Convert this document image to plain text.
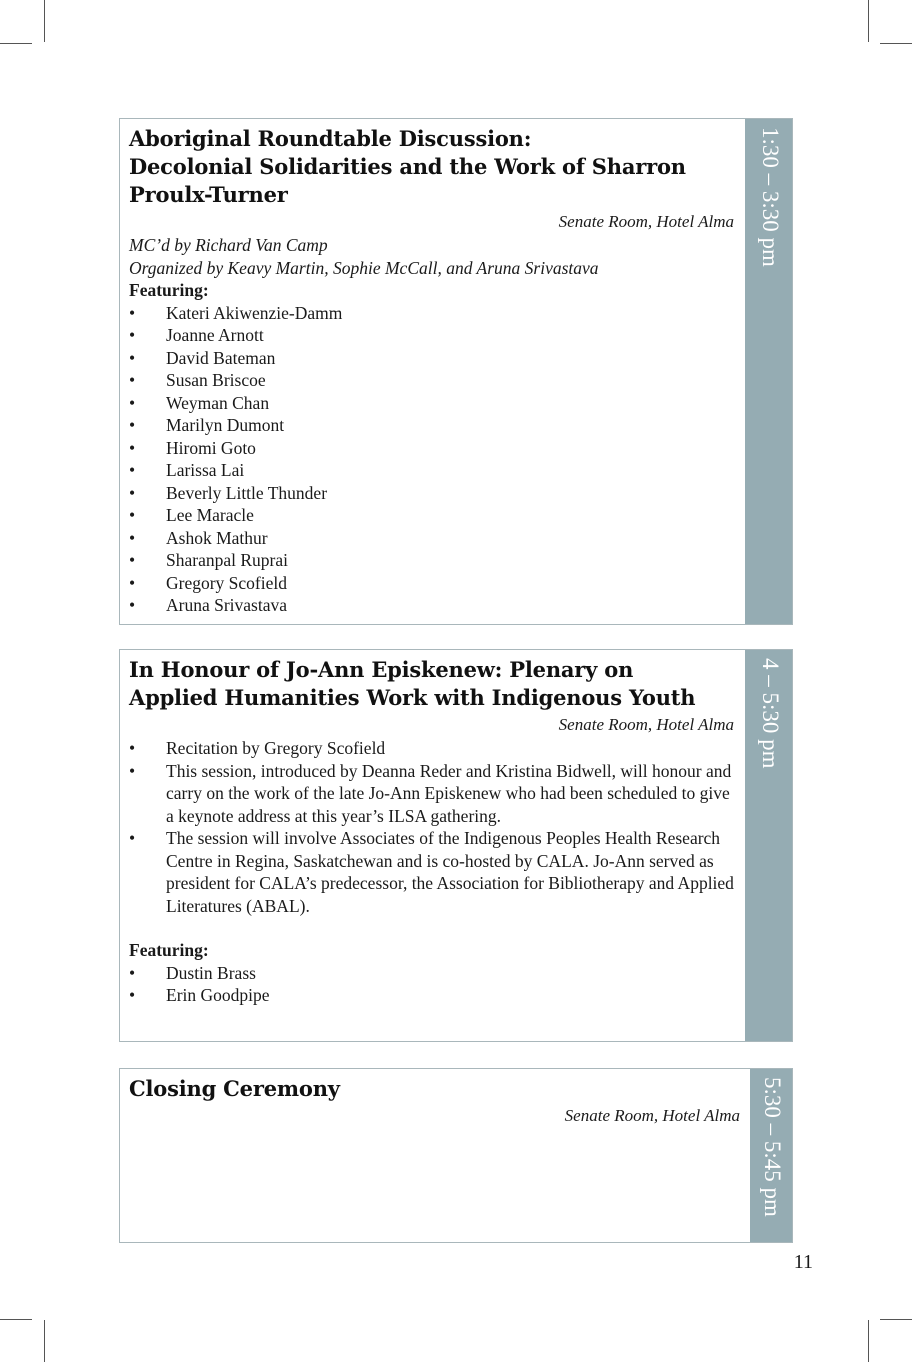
Aboriginal Roundtable Discussion:
Decolonial Solidarities and the Work of Sharron
Proulx-Turner
Senate Room, Hotel Alma
MC’d by Richard Van Camp
Organized by Keavy Martin, Sophie McCall, and Aruna Srivastava
Featuring:
• Kateri Akiwenzie-Damm
• Joanne Arnott
• David Bateman
• Susan Briscoe
• Weyman Chan
• Marilyn Dumont
• Hiromi Goto
• Larissa Lai
• Beverly Little Thunder
• Lee Maracle
• Ashok Mathur
• Sharanpal Ruprai
• Gregory Scofield
• Aruna Srivastava
1:30 – 3:30 pm
In Honour of Jo-Ann Episkenew: Plenary on
Applied Humanities Work with Indigenous Youth
Senate Room, Hotel Alma
• Recitation by Gregory Scofield
• This session, introduced by Deanna Reder and Kristina Bidwell, will honour and carry on the work of the late Jo-Ann Episkenew who had been scheduled to give a keynote address at this year’s ILSA gathering.
• The session will involve Associates of the Indigenous Peoples Health Research Centre in Regina, Saskatchewan and is co-hosted by CALA. Jo-Ann served as president for CALA’s predecessor, the Association for Bibliotherapy and Applied Literatures (ABAL).
Featuring:
• Dustin Brass
• Erin Goodpipe
4 – 5:30 pm
Closing Ceremony
Senate Room, Hotel Alma 5:30 – 5:45 pm
11
